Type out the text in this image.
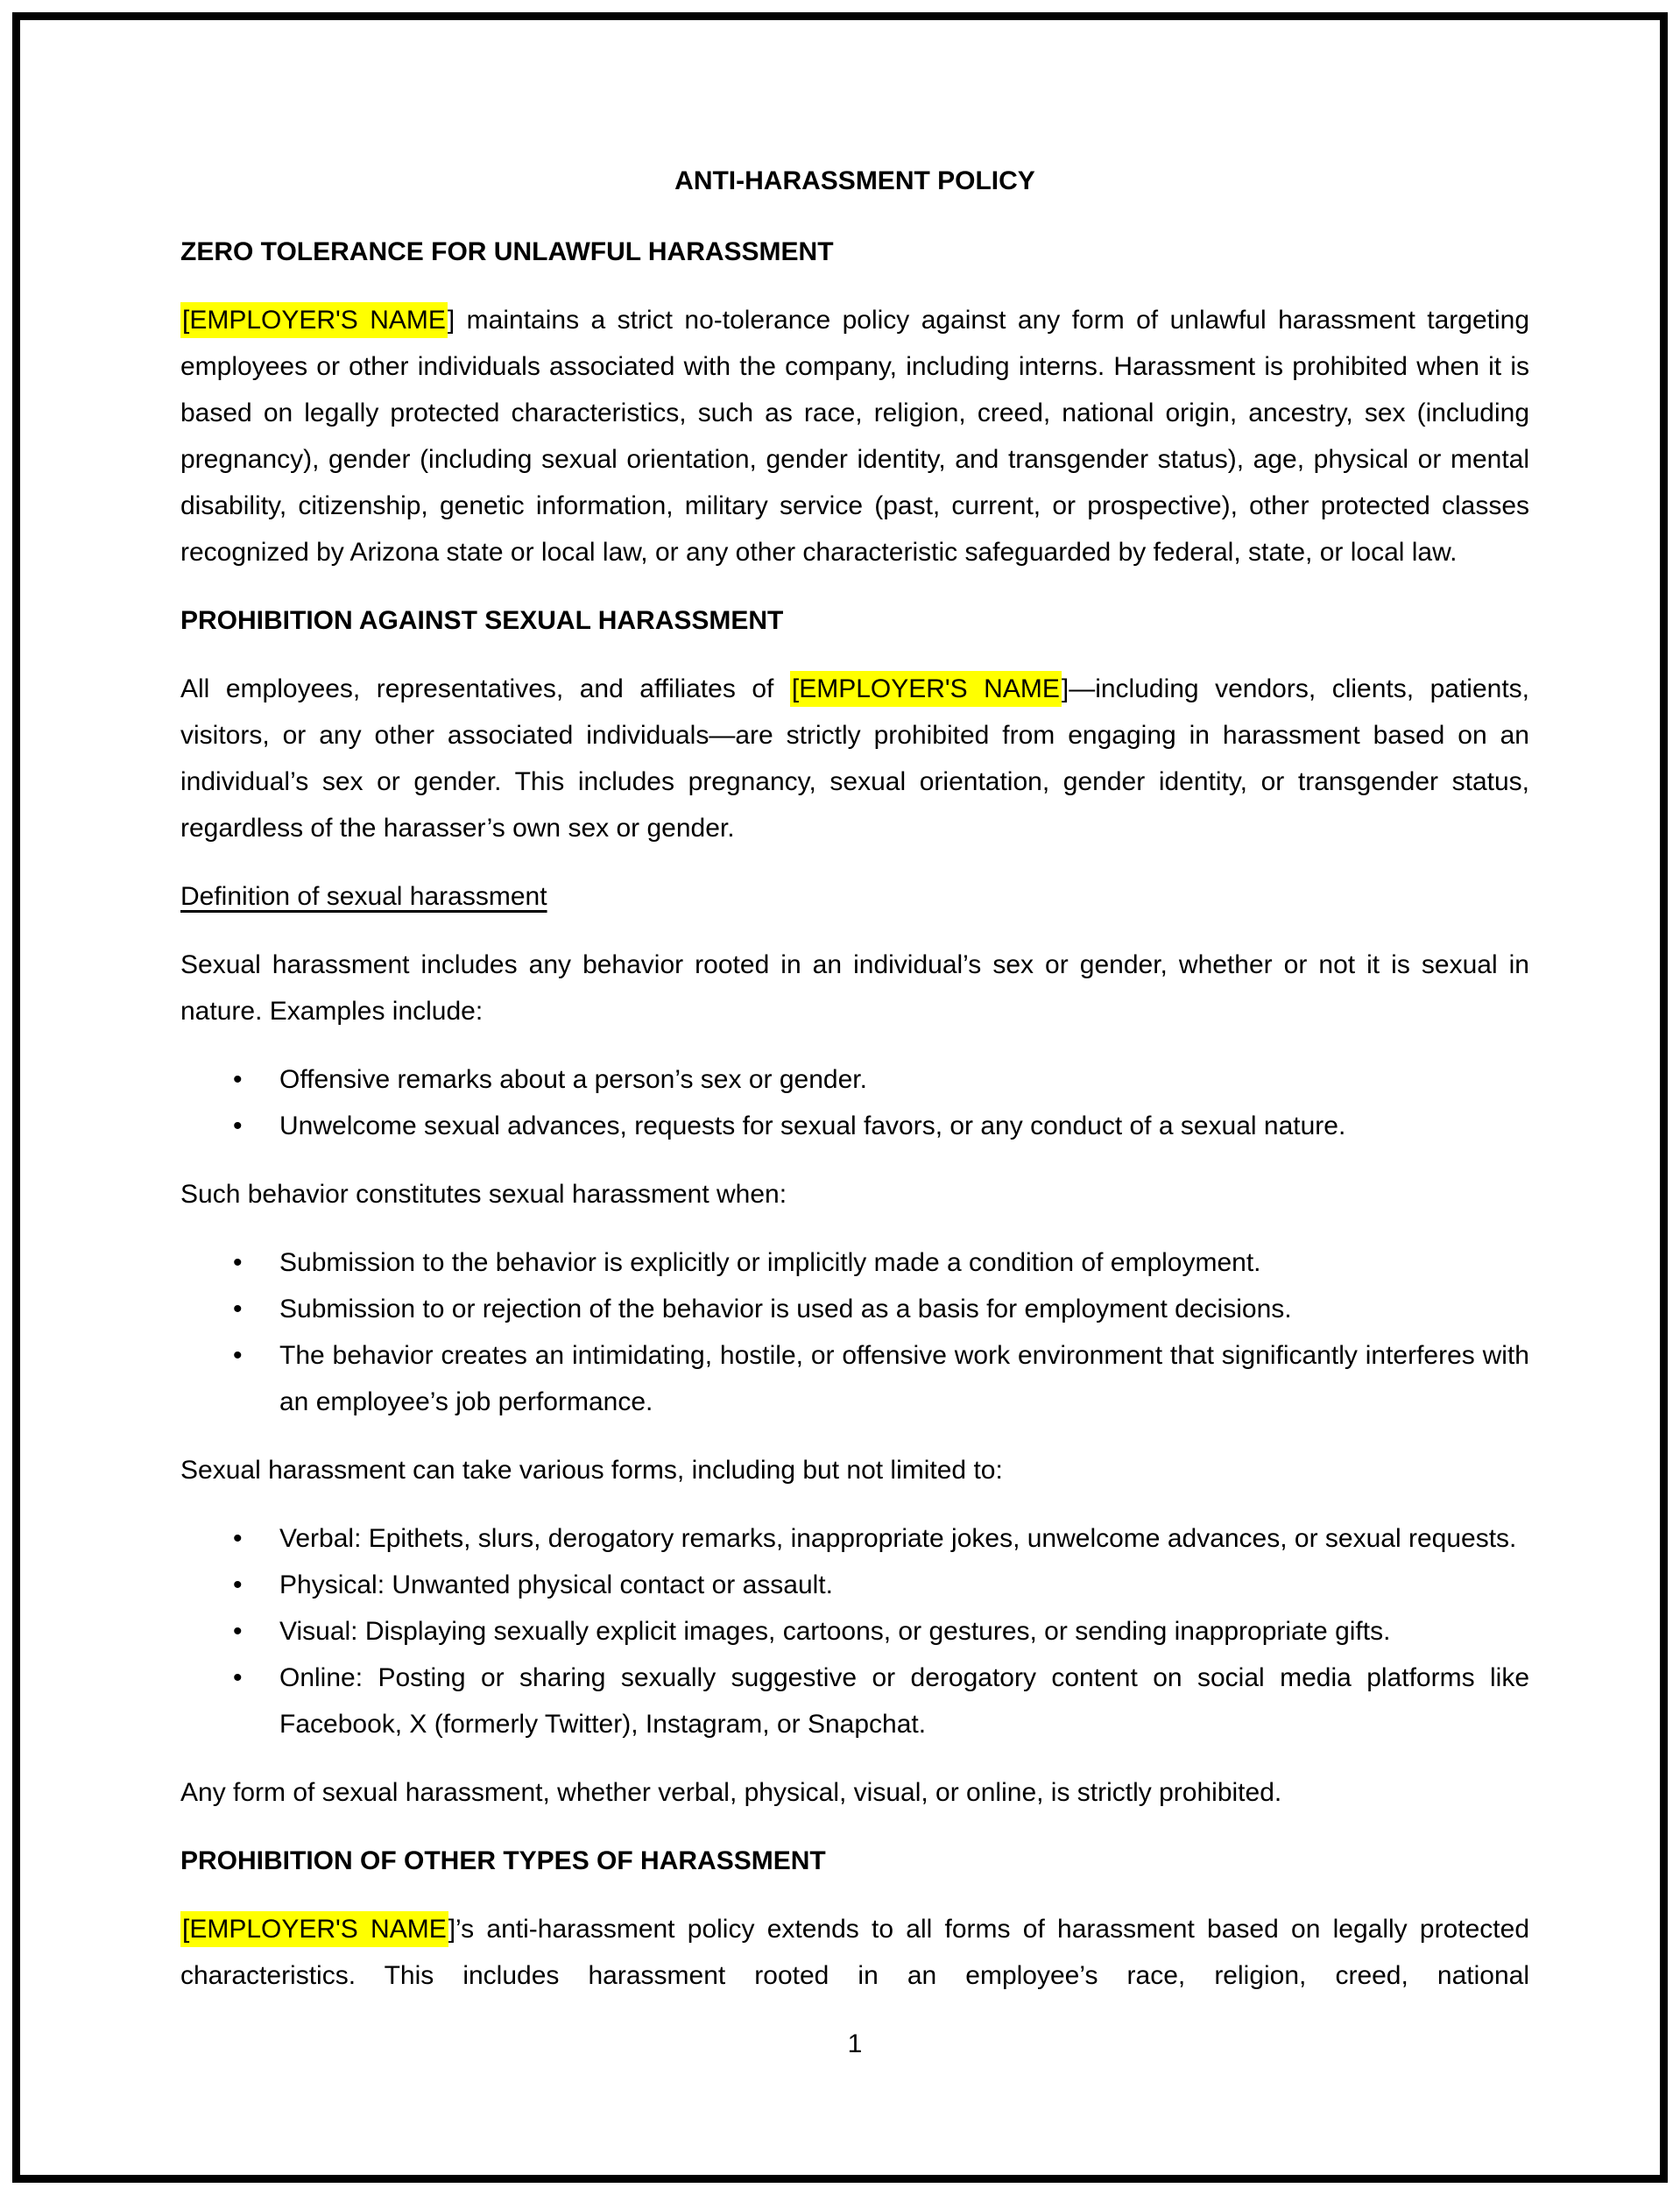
ANTI-HARASSMENT POLICY
ZERO TOLERANCE FOR UNLAWFUL HARASSMENT
[EMPLOYER'S NAME] maintains a strict no-tolerance policy against any form of unlawful harassment targeting employees or other individuals associated with the company, including interns. Harassment is prohibited when it is based on legally protected characteristics, such as race, religion, creed, national origin, ancestry, sex (including pregnancy), gender (including sexual orientation, gender identity, and transgender status), age, physical or mental disability, citizenship, genetic information, military service (past, current, or prospective), other protected classes recognized by Arizona state or local law, or any other characteristic safeguarded by federal, state, or local law.
PROHIBITION AGAINST SEXUAL HARASSMENT
All employees, representatives, and affiliates of [EMPLOYER'S NAME]—including vendors, clients, patients, visitors, or any other associated individuals—are strictly prohibited from engaging in harassment based on an individual’s sex or gender. This includes pregnancy, sexual orientation, gender identity, or transgender status, regardless of the harasser’s own sex or gender.
Definition of sexual harassment
Sexual harassment includes any behavior rooted in an individual’s sex or gender, whether or not it is sexual in nature. Examples include:
•	Offensive remarks about a person’s sex or gender.
•	Unwelcome sexual advances, requests for sexual favors, or any conduct of a sexual nature.
Such behavior constitutes sexual harassment when:
•	Submission to the behavior is explicitly or implicitly made a condition of employment.
•	Submission to or rejection of the behavior is used as a basis for employment decisions.
•	The behavior creates an intimidating, hostile, or offensive work environment that significantly interferes with an employee’s job performance.
Sexual harassment can take various forms, including but not limited to:
•	Verbal: Epithets, slurs, derogatory remarks, inappropriate jokes, unwelcome advances, or sexual requests.
•	Physical: Unwanted physical contact or assault.
•	Visual: Displaying sexually explicit images, cartoons, or gestures, or sending inappropriate gifts.
•	Online: Posting or sharing sexually suggestive or derogatory content on social media platforms like Facebook, X (formerly Twitter), Instagram, or Snapchat.
Any form of sexual harassment, whether verbal, physical, visual, or online, is strictly prohibited.
PROHIBITION OF OTHER TYPES OF HARASSMENT
[EMPLOYER'S NAME]’s anti-harassment policy extends to all forms of harassment based on legally protected characteristics. This includes harassment rooted in an employee’s race, religion, creed, national
1
